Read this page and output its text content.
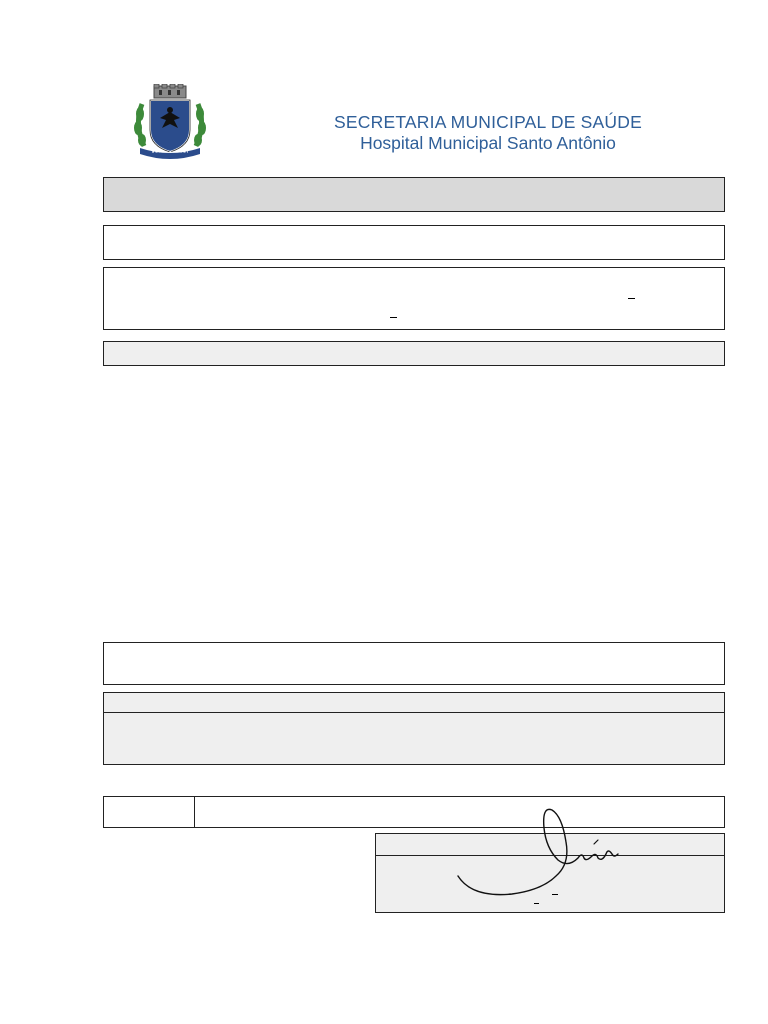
SECRETARIA MUNICIPAL DE SAÚDE
Hospital Municipal Santo Antônio
